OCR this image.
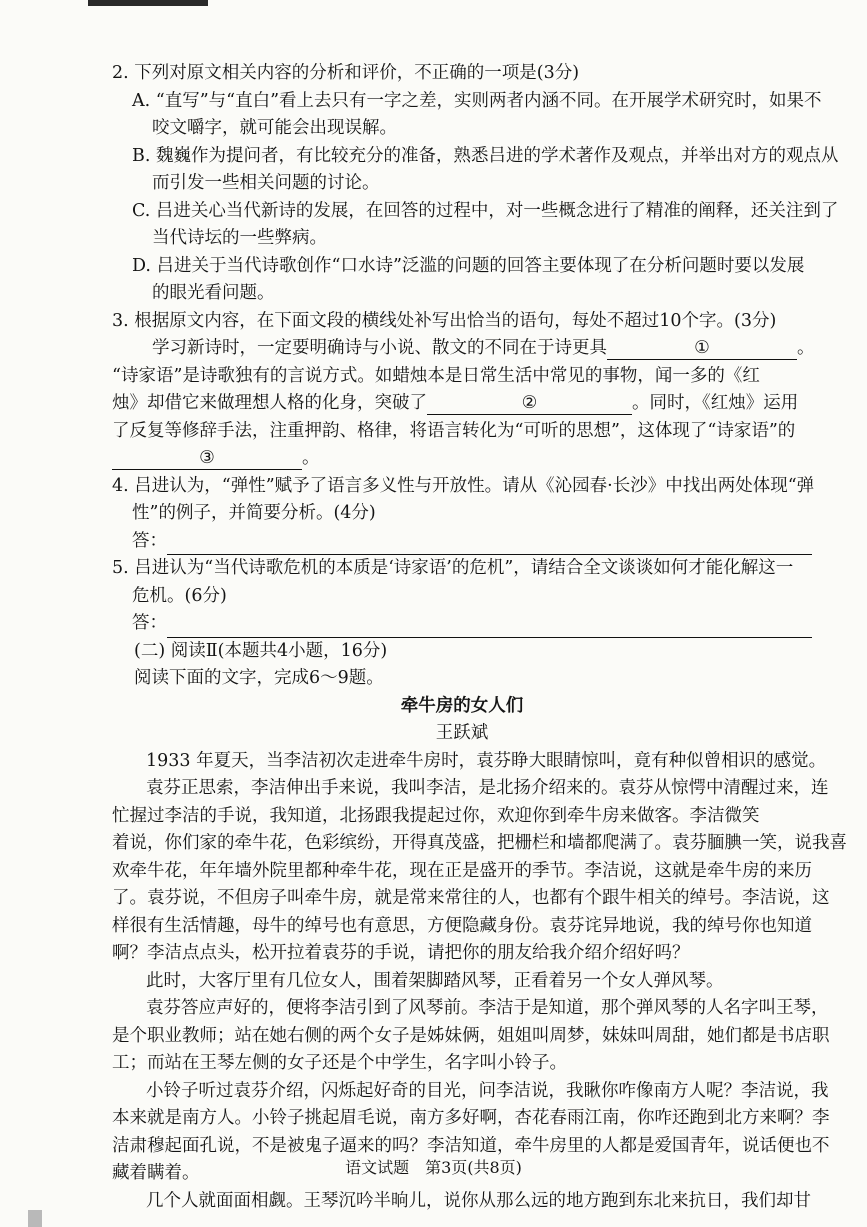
2. 下列对原文相关内容的分析和评价，不正确的一项是(3分)
A. “直写”与“直白”看上去只有一字之差，实则两者内涵不同。在开展学术研究时，如果不
咬文嚼字，就可能会出现误解。
B. 魏巍作为提问者，有比较充分的准备，熟悉吕进的学术著作及观点，并举出对方的观点从
而引发一些相关问题的讨论。
C. 吕进关心当代新诗的发展，在回答的过程中，对一些概念进行了精准的阐释，还关注到了
当代诗坛的一些弊病。
D. 吕进关于当代诗歌创作“口水诗”泛滥的问题的回答主要体现了在分析问题时要以发展
的眼光看问题。
3. 根据原文内容，在下面文段的横线处补写出恰当的语句，每处不超过10个字。(3分)
学习新诗时，一定要明确诗与小说、散文的不同在于诗更具	①	。
“诗家语”是诗歌独有的言说方式。如蜡烛本是日常生活中常见的事物，闻一多的《红
烛》却借它来做理想人格的化身，突破了	②	。同时，《红烛》运用
了反复等修辞手法，注重押韵、格律，将语言转化为“可听的思想”，这体现了“诗家语”的
③	。
4. 吕进认为，“弹性”赋予了语言多义性与开放性。请从《沁园春·长沙》中找出两处体现“弹
性”的例子，并简要分析。(4分)
答：
5. 吕进认为“当代诗歌危机的本质是‘诗家语’的危机”，请结合全文谈谈如何才能化解这一
危机。(6分)
答：
(二) 阅读Ⅱ(本题共4小题，16分)
阅读下面的文字，完成6～9题。
牵牛房的女人们
王跃斌
1933 年夏天，当李洁初次走进牵牛房时，袁芬睁大眼睛惊叫，竟有种似曾相识的感觉。
袁芬正思索，李洁伸出手来说，我叫李洁，是北扬介绍来的。袁芬从惊愕中清醒过来，连
忙握过李洁的手说，我知道，北扬跟我提起过你，欢迎你到牵牛房来做客。李洁微笑
着说，你们家的牵牛花，色彩缤纷，开得真茂盛，把栅栏和墙都爬满了。袁芬腼腆一笑，说我喜
欢牵牛花，年年墙外院里都种牵牛花，现在正是盛开的季节。李洁说，这就是牵牛房的来历
了。袁芬说，不但房子叫牵牛房，就是常来常往的人，也都有个跟牛相关的绰号。李洁说，这
样很有生活情趣，母牛的绰号也有意思，方便隐藏身份。袁芬诧异地说，我的绰号你也知道
啊？李洁点点头，松开拉着袁芬的手说，请把你的朋友给我介绍介绍好吗？
此时，大客厅里有几位女人，围着架脚踏风琴，正看着另一个女人弹风琴。
袁芬答应声好的，便将李洁引到了风琴前。李洁于是知道，那个弹风琴的人名字叫王琴，
是个职业教师；站在她右侧的两个女子是姊妹俩，姐姐叫周梦，妹妹叫周甜，她们都是书店职
工；而站在王琴左侧的女子还是个中学生，名字叫小铃子。
小铃子听过袁芬介绍，闪烁起好奇的目光，问李洁说，我瞅你咋像南方人呢？李洁说，我
本来就是南方人。小铃子挑起眉毛说，南方多好啊，杏花春雨江南，你咋还跑到北方来啊？李
洁肃穆起面孔说，不是被鬼子逼来的吗？李洁知道，牵牛房里的人都是爱国青年，说话便也不
藏着瞒着。
几个人就面面相觑。王琴沉吟半晌儿，说你从那么远的地方跑到东北来抗日，我们却甘
语文试题　第3页(共8页)
